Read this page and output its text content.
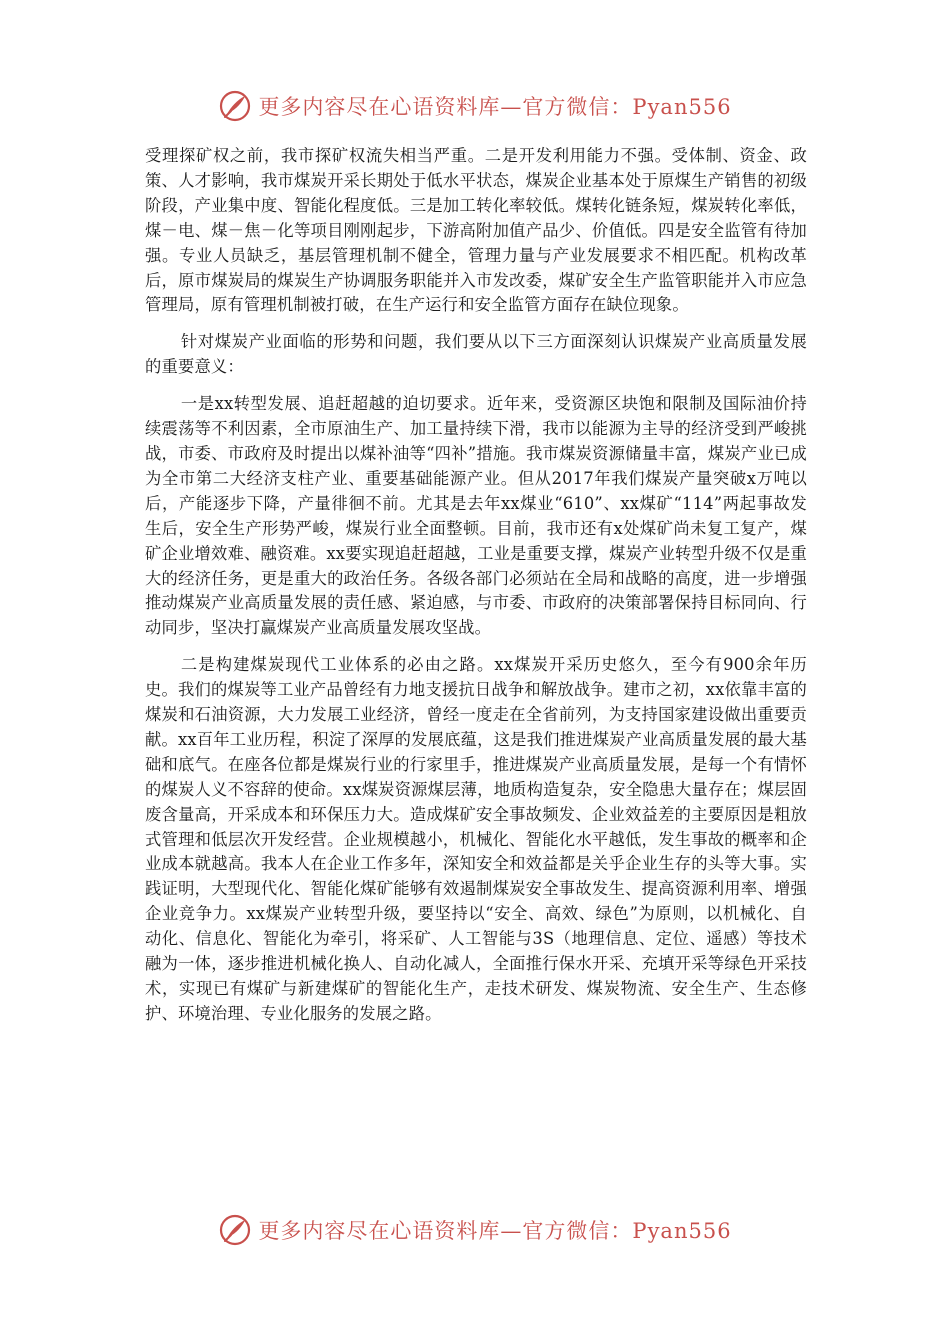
更多内容尽在心语资料库—官方微信：Pyan556

受理探矿权之前，我市探矿权流失相当严重。二是开发利用能力不强。受体制、资金、政策、人才影响，我市煤炭开采长期处于低水平状态，煤炭企业基本处于原煤生产销售的初级阶段，产业集中度、智能化程度低。三是加工转化率较低。煤转化链条短，煤炭转化率低，煤－电、煤－焦－化等项目刚刚起步，下游高附加值产品少、价值低。四是安全监管有待加强。专业人员缺乏，基层管理机制不健全，管理力量与产业发展要求不相匹配。机构改革后，原市煤炭局的煤炭生产协调服务职能并入市发改委，煤矿安全生产监管职能并入市应急管理局，原有管理机制被打破，在生产运行和安全监管方面存在缺位现象。

针对煤炭产业面临的形势和问题，我们要从以下三方面深刻认识煤炭产业高质量发展的重要意义：

一是xx转型发展、追赶超越的迫切要求。近年来，受资源区块饱和限制及国际油价持续震荡等不利因素，全市原油生产、加工量持续下滑，我市以能源为主导的经济受到严峻挑战，市委、市政府及时提出以煤补油等“四补”措施。我市煤炭资源储量丰富，煤炭产业已成为全市第二大经济支柱产业、重要基础能源产业。但从2017年我们煤炭产量突破x万吨以后，产能逐步下降，产量徘徊不前。尤其是去年xx煤业“610”、xx煤矿“114”两起事故发生后，安全生产形势严峻，煤炭行业全面整顿。目前，我市还有x处煤矿尚未复工复产，煤矿企业增效难、融资难。xx要实现追赶超越，工业是重要支撑，煤炭产业转型升级不仅是重大的经济任务，更是重大的政治任务。各级各部门必须站在全局和战略的高度，进一步增强推动煤炭产业高质量发展的责任感、紧迫感，与市委、市政府的决策部署保持目标同向、行动同步，坚决打赢煤炭产业高质量发展攻坚战。

二是构建煤炭现代工业体系的必由之路。xx煤炭开采历史悠久，至今有900余年历史。我们的煤炭等工业产品曾经有力地支援抗日战争和解放战争。建市之初，xx依靠丰富的煤炭和石油资源，大力发展工业经济，曾经一度走在全省前列，为支持国家建设做出重要贡献。xx百年工业历程，积淀了深厚的发展底蕴，这是我们推进煤炭产业高质量发展的最大基础和底气。在座各位都是煤炭行业的行家里手，推进煤炭产业高质量发展，是每一个有情怀的煤炭人义不容辞的使命。xx煤炭资源煤层薄，地质构造复杂，安全隐患大量存在；煤层固废含量高，开采成本和环保压力大。造成煤矿安全事故频发、企业效益差的主要原因是粗放式管理和低层次开发经营。企业规模越小，机械化、智能化水平越低，发生事故的概率和企业成本就越高。我本人在企业工作多年，深知安全和效益都是关乎企业生存的头等大事。实践证明，大型现代化、智能化煤矿能够有效遏制煤炭安全事故发生、提高资源利用率、增强企业竞争力。xx煤炭产业转型升级，要坚持以“安全、高效、绿色”为原则，以机械化、自动化、信息化、智能化为牵引，将采矿、人工智能与3S（地理信息、定位、遥感）等技术融为一体，逐步推进机械化换人、自动化减人，全面推行保水开采、充填开采等绿色开采技术，实现已有煤矿与新建煤矿的智能化生产，走技术研发、煤炭物流、安全生产、生态修护、环境治理、专业化服务的发展之路。

更多内容尽在心语资料库—官方微信：Pyan556
